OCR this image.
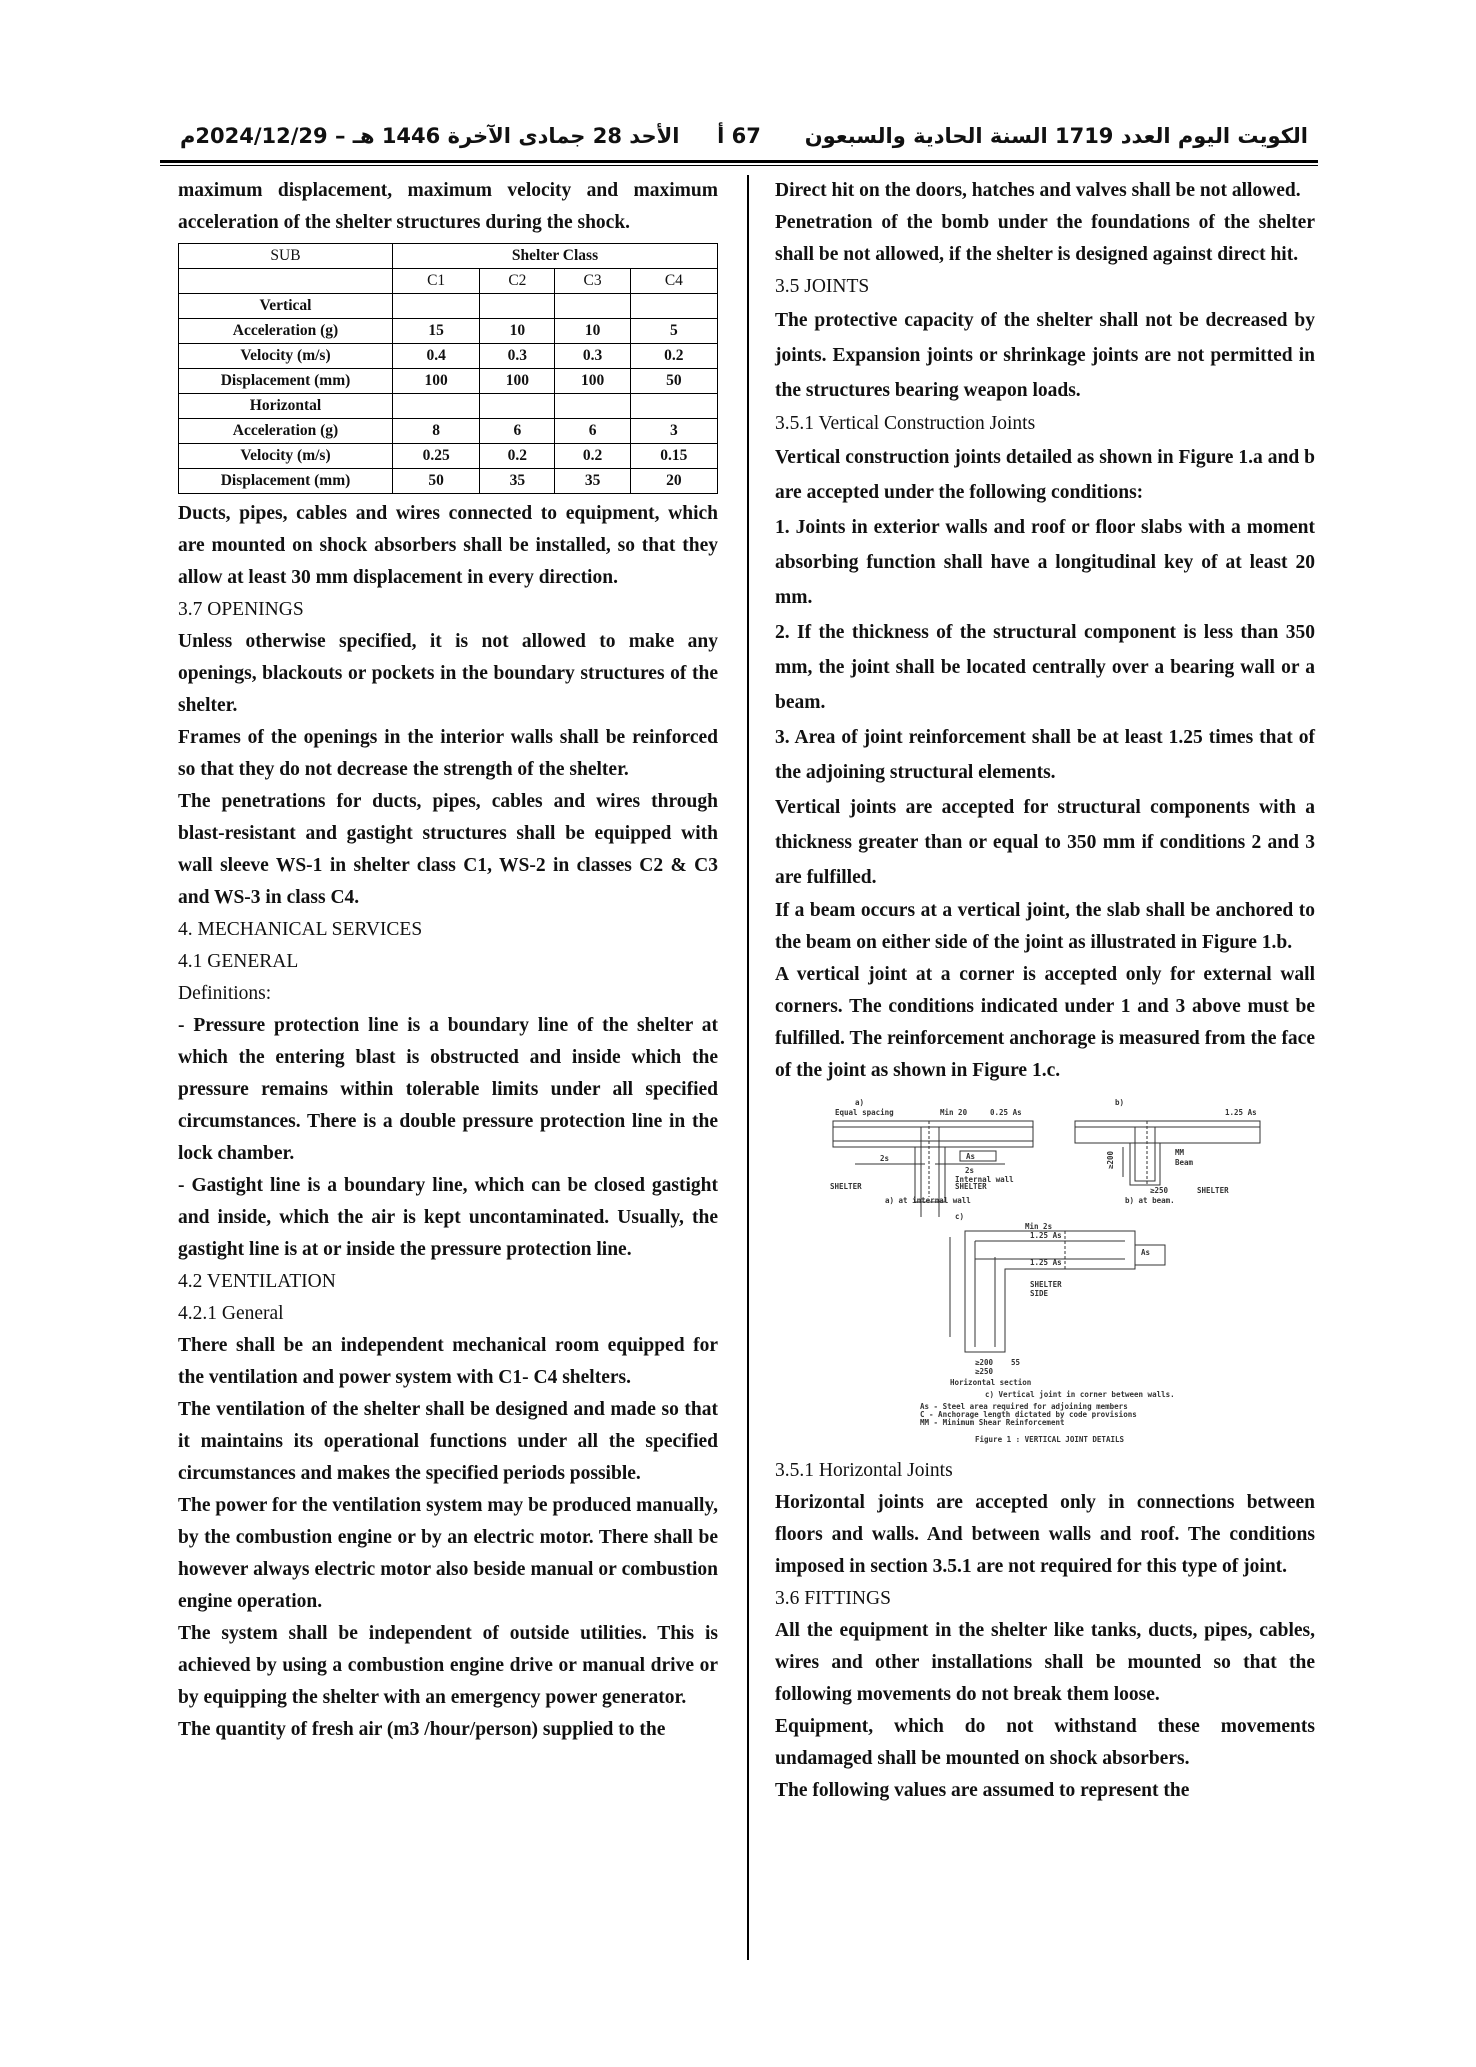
الكويت اليوم العدد 1719 السنة الحادية والسبعون
67 أ
الأحد 28 جمادى الآخرة 1446 هـ – 2024/12/29م

maximum displacement, maximum velocity and maximum acceleration of the shelter structures during the shock.

SUB	Shelter Class			
	C1	C2	C3	C4
Vertical				
Acceleration (g)	15	10	10	5
Velocity (m/s)	0.4	0.3	0.3	0.2
Displacement (mm)	100	100	100	50
Horizontal				
Acceleration (g)	8	6	6	3
Velocity (m/s)	0.25	0.2	0.2	0.15
Displacement (mm)	50	35	35	20

Ducts, pipes, cables and wires connected to equipment, which are mounted on shock absorbers shall be installed, so that they allow at least 30 mm displacement in every direction.

3.7 OPENINGS

Unless otherwise specified, it is not allowed to make any openings, blackouts or pockets in the boundary structures of the shelter.

Frames of the openings in the interior walls shall be reinforced so that they do not decrease the strength of the shelter.

The penetrations for ducts, pipes, cables and wires through blast-resistant and gastight structures shall be equipped with wall sleeve WS-1 in shelter class C1, WS-2 in classes C2 & C3 and WS-3 in class C4.

4. MECHANICAL SERVICES

4.1 GENERAL

Definitions:

- Pressure protection line is a boundary line of the shelter at which the entering blast is obstructed and inside which the pressure remains within tolerable limits under all specified circumstances. There is a double pressure protection line in the lock chamber.

- Gastight line is a boundary line, which can be closed gastight and inside, which the air is kept uncontaminated. Usually, the gastight line is at or inside the pressure protection line.

4.2 VENTILATION

4.2.1 General

There shall be an independent mechanical room equipped for the ventilation and power system with C1- C4 shelters.

The ventilation of the shelter shall be designed and made so that it maintains its operational functions under all the specified circumstances and makes the specified periods possible.

The power for the ventilation system may be produced manually, by the combustion engine or by an electric motor. There shall be however always electric motor also beside manual or combustion engine operation.

The system shall be independent of outside utilities. This is achieved by using a combustion engine drive or manual drive or by equipping the shelter with an emergency power generator.

The quantity of fresh air (m3 /hour/person) supplied to the

Direct hit on the doors, hatches and valves shall be not allowed.

Penetration of the bomb under the foundations of the shelter shall be not allowed, if the shelter is designed against direct hit.

3.5 JOINTS

The protective capacity of the shelter shall not be decreased by joints. Expansion joints or shrinkage joints are not permitted in the structures bearing weapon loads.

3.5.1 Vertical Construction Joints

Vertical construction joints detailed as shown in Figure 1.a and b are accepted under the following conditions:

1. Joints in exterior walls and roof or floor slabs with a moment absorbing function shall have a longitudinal key of at least 20 mm.

2. If the thickness of the structural component is less than 350 mm, the joint shall be located centrally over a bearing wall or a beam.

3. Area of joint reinforcement shall be at least 1.25 times that of the adjoining structural elements.

Vertical joints are accepted for structural components with a thickness greater than or equal to 350 mm if conditions 2 and 3 are fulfilled.

If a beam occurs at a vertical joint, the slab shall be anchored to the beam on either side of the joint as illustrated in Figure 1.b.

A vertical joint at a corner is accepted only for external wall corners. The conditions indicated under 1 and 3 above must be fulfilled. The reinforcement anchorage is measured from the face of the joint as shown in Figure 1.c.

a)
Equal spacing	Min 20	0.25 As
As
2s
2s
Internal wall
SHELTER	SHELTER
a) at internal wall
b)
1.25 As
MM
Beam
≥200
≥250	SHELTER
b) at beam.
c)
Min 2s
1.25 As
As
1.25 As
SHELTER
SIDE
≥200 55
≥250
Horizontal section
c) Vertical joint in corner between walls.
As - Steel area required for adjoining members
C - Anchorage length dictated by code provisions
MM - Minimum Shear Reinforcement
Figure 1 : VERTICAL JOINT DETAILS

3.5.1 Horizontal Joints

Horizontal joints are accepted only in connections between floors and walls. And between walls and roof. The conditions imposed in section 3.5.1 are not required for this type of joint.

3.6 FITTINGS

All the equipment in the shelter like tanks, ducts, pipes, cables, wires and other installations shall be mounted so that the following movements do not break them loose.

Equipment, which do not withstand these movements undamaged shall be mounted on shock absorbers.

The following values are assumed to represent the
